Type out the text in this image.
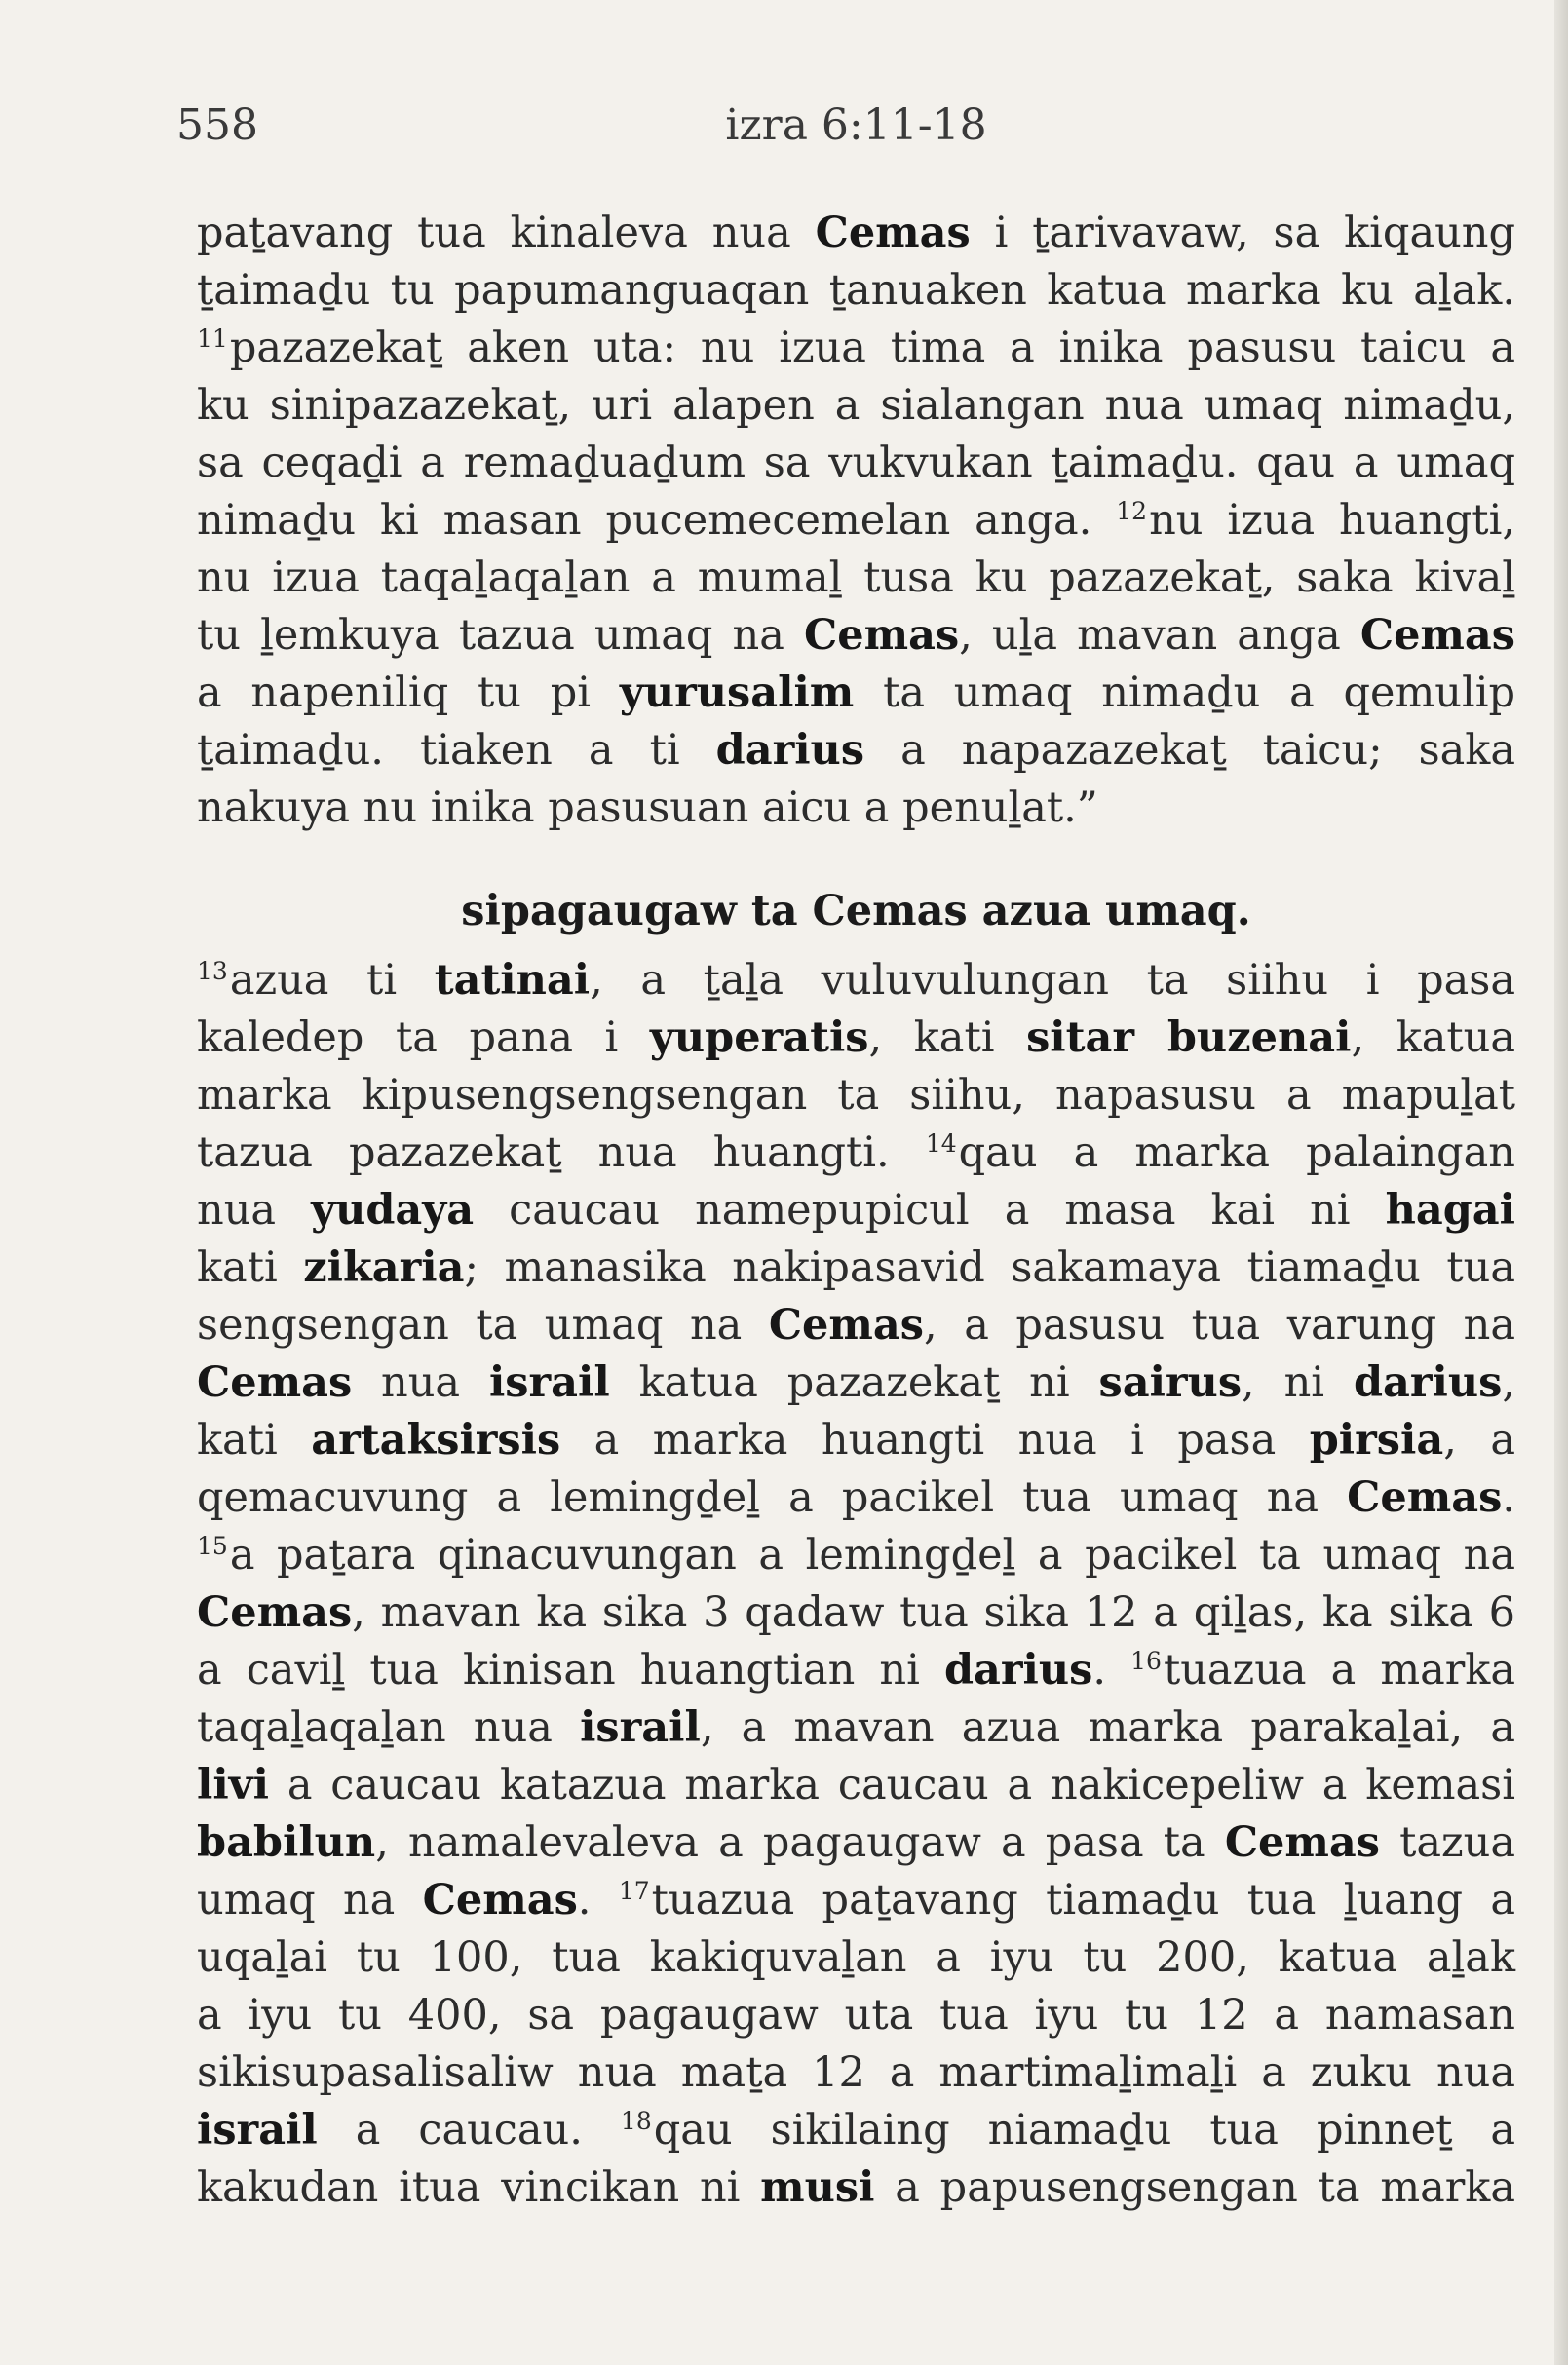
558	izra 6:11-18
paṯavang tua kinaleva nua Cemas i ṯarivavaw, sa kiqaung
ṯaimaḏu tu papumanguaqan ṯanuaken katua marka ku aḻak.
$^{11}$pazazekaṯ aken uta: nu izua tima a inika pasusu taicu a
ku sinipazazekaṯ, uri alapen a sialangan nua umaq nimaḏu,
sa ceqaḏi a remaḏuaḏum sa vukvukan ṯaimaḏu. qau a umaq
nimaḏu ki masan pucemecemelan anga. $^{12}$nu izua huangti,
nu izua taqaḻaqaḻan a mumaḻ tusa ku pazazekaṯ, saka kivaḻ
tu ḻemkuya tazua umaq na Cemas, uḻa mavan anga Cemas
a napeniliq tu pi yurusalim ta umaq nimaḏu a qemulip
ṯaimaḏu. tiaken a ti darius a napazazekaṯ taicu; saka
nakuya nu inika pasusuan aicu a penuḻat.”
sipagaugaw ta Cemas azua umaq.
$^{13}$azua ti tatinai, a ṯaḻa vuluvulungan ta siihu i pasa
kaledep ta pana i yuperatis, kati sitar buzenai, katua
marka kipusengsengsengan ta siihu, napasusu a mapuḻat
tazua pazazekaṯ nua huangti. $^{14}$qau a marka palaingan
nua yudaya caucau namepupicul a masa kai ni hagai
kati zikaria; manasika nakipasavid sakamaya tiamaḏu tua
sengsengan ta umaq na Cemas, a pasusu tua varung na
Cemas nua israil katua pazazekaṯ ni sairus, ni darius,
kati artaksirsis a marka huangti nua i pasa pirsia, a
qemacuvung a lemingḏeḻ a pacikel tua umaq na Cemas.
$^{15}$a paṯara qinacuvungan a lemingḏeḻ a pacikel ta umaq na
Cemas, mavan ka sika 3 qadaw tua sika 12 a qiḻas, ka sika 6
a caviḻ tua kinisan huangtian ni darius. $^{16}$tuazua a marka
taqaḻaqaḻan nua israil, a mavan azua marka parakaḻai, a
livi a caucau katazua marka caucau a nakicepeliw a kemasi
babilun, namalevaleva a pagaugaw a pasa ta Cemas tazua
umaq na Cemas. $^{17}$tuazua paṯavang tiamaḏu tua ḻuang a
uqaḻai tu 100, tua kakiquvaḻan a iyu tu 200, katua aḻak
a iyu tu 400, sa pagaugaw uta tua iyu tu 12 a namasan
sikisupasalisaliw nua maṯa 12 a martimaḻimaḻi a zuku nua
israil a caucau. $^{18}$qau sikilaing niamaḏu tua pinneṯ a
kakudan itua vincikan ni musi a papusengsengan ta marka
